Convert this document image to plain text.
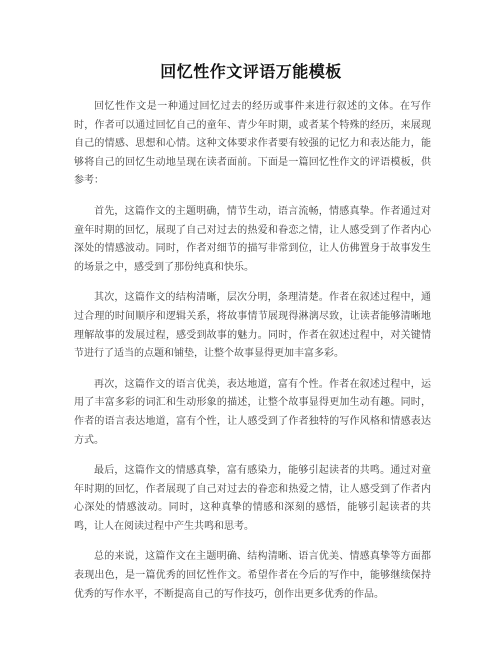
回忆性作文评语万能模板

回忆性作文是一种通过回忆过去的经历或事件来进行叙述的文体。在写作时，作者可以通过回忆自己的童年、青少年时期，或者某个特殊的经历，来展现自己的情感、思想和心情。这种文体要求作者要有较强的记忆力和表达能力，能够将自己的回忆生动地呈现在读者面前。下面是一篇回忆性作文的评语模板，供参考：

首先，这篇作文的主题明确，情节生动，语言流畅，情感真挚。作者通过对童年时期的回忆，展现了自己对过去的热爱和眷恋之情，让人感受到了作者内心深处的情感波动。同时，作者对细节的描写非常到位，让人仿佛置身于故事发生的场景之中，感受到了那份纯真和快乐。

其次，这篇作文的结构清晰，层次分明，条理清楚。作者在叙述过程中，通过合理的时间顺序和逻辑关系，将故事情节展现得淋漓尽致，让读者能够清晰地理解故事的发展过程，感受到故事的魅力。同时，作者在叙述过程中，对关键情节进行了适当的点题和铺垫，让整个故事显得更加丰富多彩。

再次，这篇作文的语言优美，表达地道，富有个性。作者在叙述过程中，运用了丰富多彩的词汇和生动形象的描述，让整个故事显得更加生动有趣。同时，作者的语言表达地道，富有个性，让人感受到了作者独特的写作风格和情感表达方式。

最后，这篇作文的情感真挚，富有感染力，能够引起读者的共鸣。通过对童年时期的回忆，作者展现了自己对过去的眷恋和热爱之情，让人感受到了作者内心深处的情感波动。同时，这种真挚的情感和深刻的感悟，能够引起读者的共鸣，让人在阅读过程中产生共鸣和思考。

总的来说，这篇作文在主题明确、结构清晰、语言优美、情感真挚等方面都表现出色，是一篇优秀的回忆性作文。希望作者在今后的写作中，能够继续保持优秀的写作水平，不断提高自己的写作技巧，创作出更多优秀的作品。
